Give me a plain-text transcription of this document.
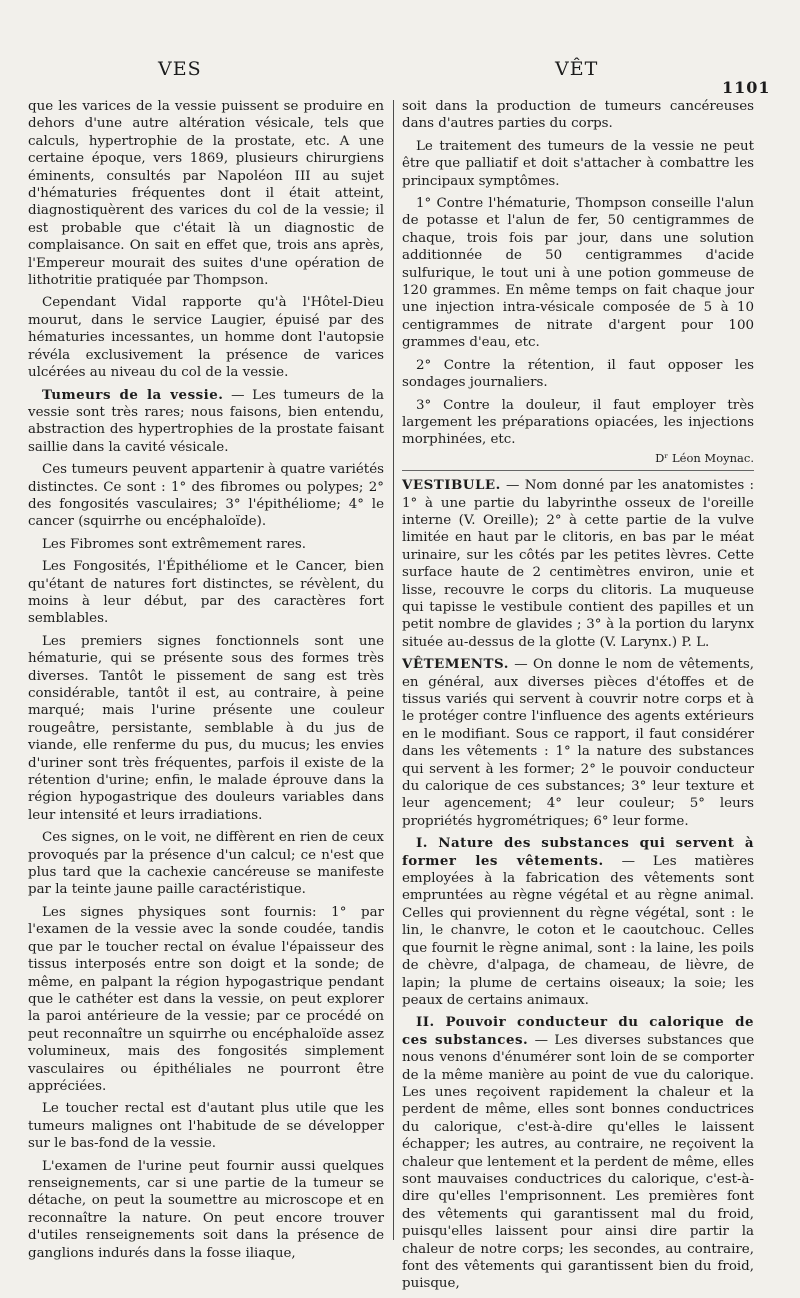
VES	VÊT
1101

que les varices de la vessie puissent se produire en dehors d'une autre altération vésicale, tels que calculs, hypertrophie de la prostate, etc. A une certaine époque, vers 1869, plusieurs chirurgiens éminents, consultés par Napoléon III au sujet d'hématuries fréquentes dont il était atteint, diagnostiquèrent des varices du col de la vessie; il est probable que c'était là un diagnostic de complaisance. On sait en effet que, trois ans après, l'Empereur mourait des suites d'une opération de lithotritie pratiquée par Thompson.

Cependant Vidal rapporte qu'à l'Hôtel-Dieu mourut, dans le service Laugier, épuisé par des hématuries incessantes, un homme dont l'autopsie révéla exclusivement la présence de varices ulcérées au niveau du col de la vessie.

Tumeurs de la vessie. — Les tumeurs de la vessie sont très rares; nous faisons, bien entendu, abstraction des hypertrophies de la prostate faisant saillie dans la cavité vésicale.

Ces tumeurs peuvent appartenir à quatre variétés distinctes. Ce sont : 1° des fibromes ou polypes; 2° des fongosités vasculaires; 3° l'épithéliome; 4° le cancer (squirrhe ou encéphaloïde).

Les Fibromes sont extrêmement rares.

Les Fongosités, l'Épithéliome et le Cancer, bien qu'étant de natures fort distinctes, se révèlent, du moins à leur début, par des caractères fort semblables.

Les premiers signes fonctionnels sont une hématurie, qui se présente sous des formes très diverses. Tantôt le pissement de sang est très considérable, tantôt il est, au contraire, à peine marqué; mais l'urine présente une couleur rougeâtre, persistante, semblable à du jus de viande, elle renferme du pus, du mucus; les envies d'uriner sont très fréquentes, parfois il existe de la rétention d'urine; enfin, le malade éprouve dans la région hypogastrique des douleurs variables dans leur intensité et leurs irradiations.

Ces signes, on le voit, ne diffèrent en rien de ceux provoqués par la présence d'un calcul; ce n'est que plus tard que la cachexie cancéreuse se manifeste par la teinte jaune paille caractéristique.

Les signes physiques sont fournis: 1° par l'examen de la vessie avec la sonde coudée, tandis que par le toucher rectal on évalue l'épaisseur des tissus interposés entre son doigt et la sonde; de même, en palpant la région hypogastrique pendant que le cathéter est dans la vessie, on peut explorer la paroi antérieure de la vessie; par ce procédé on peut reconnaître un squirrhe ou encéphaloïde assez volumineux, mais des fongosités simplement vasculaires ou épithéliales ne pourront être appréciées.

Le toucher rectal est d'autant plus utile que les tumeurs malignes ont l'habitude de se développer sur le bas-fond de la vessie.

L'examen de l'urine peut fournir aussi quelques renseignements, car si une partie de la tumeur se détache, on peut la soumettre au microscope et en reconnaître la nature. On peut encore trouver d'utiles renseignements soit dans la présence de ganglions indurés dans la fosse iliaque,

soit dans la production de tumeurs cancéreuses dans d'autres parties du corps.

Le traitement des tumeurs de la vessie ne peut être que palliatif et doit s'attacher à combattre les principaux symptômes.

1° Contre l'hématurie, Thompson conseille l'alun de potasse et l'alun de fer, 50 centigrammes de chaque, trois fois par jour, dans une solution additionnée de 50 centigrammes d'acide sulfurique, le tout uni à une potion gommeuse de 120 grammes. En même temps on fait chaque jour une injection intra-vésicale composée de 5 à 10 centigrammes de nitrate d'argent pour 100 grammes d'eau, etc.

2° Contre la rétention, il faut opposer les sondages journaliers.

3° Contre la douleur, il faut employer très largement les préparations opiacées, les injections morphinées, etc.

Dʳ Léon Moynac.

VESTIBULE. — Nom donné par les anatomistes : 1° à une partie du labyrinthe osseux de l'oreille interne (V. Oreille); 2° à cette partie de la vulve limitée en haut par le clitoris, en bas par le méat urinaire, sur les côtés par les petites lèvres. Cette surface haute de 2 centimètres environ, unie et lisse, recouvre le corps du clitoris. La muqueuse qui tapisse le vestibule contient des papilles et un petit nombre de glavides ; 3° à la portion du larynx située au-dessus de la glotte (V. Larynx.) P. L.

VÊTEMENTS. — On donne le nom de vêtements, en général, aux diverses pièces d'étoffes et de tissus variés qui servent à couvrir notre corps et à le protéger contre l'influence des agents extérieurs en le modifiant. Sous ce rapport, il faut considérer dans les vêtements : 1° la nature des substances qui servent à les former; 2° le pouvoir conducteur du calorique de ces substances; 3° leur texture et leur agencement; 4° leur couleur; 5° leurs propriétés hygrométriques; 6° leur forme.

I. Nature des substances qui servent à former les vêtements. — Les matières employées à la fabrication des vêtements sont empruntées au règne végétal et au règne animal. Celles qui proviennent du règne végétal, sont : le lin, le chanvre, le coton et le caoutchouc. Celles que fournit le règne animal, sont : la laine, les poils de chèvre, d'alpaga, de chameau, de lièvre, de lapin; la plume de certains oiseaux; la soie; les peaux de certains animaux.

II. Pouvoir conducteur du calorique de ces substances. — Les diverses substances que nous venons d'énumérer sont loin de se comporter de la même manière au point de vue du calorique. Les unes reçoivent rapidement la chaleur et la perdent de même, elles sont bonnes conductrices du calorique, c'est-à-dire qu'elles le laissent échapper; les autres, au contraire, ne reçoivent la chaleur que lentement et la perdent de même, elles sont mauvaises conductrices du calorique, c'est-à-dire qu'elles l'emprisonnent. Les premières font des vêtements qui garantissent mal du froid, puisqu'elles laissent pour ainsi dire partir la chaleur de notre corps; les secondes, au contraire, font des vêtements qui garantissent bien du froid, puisque,
